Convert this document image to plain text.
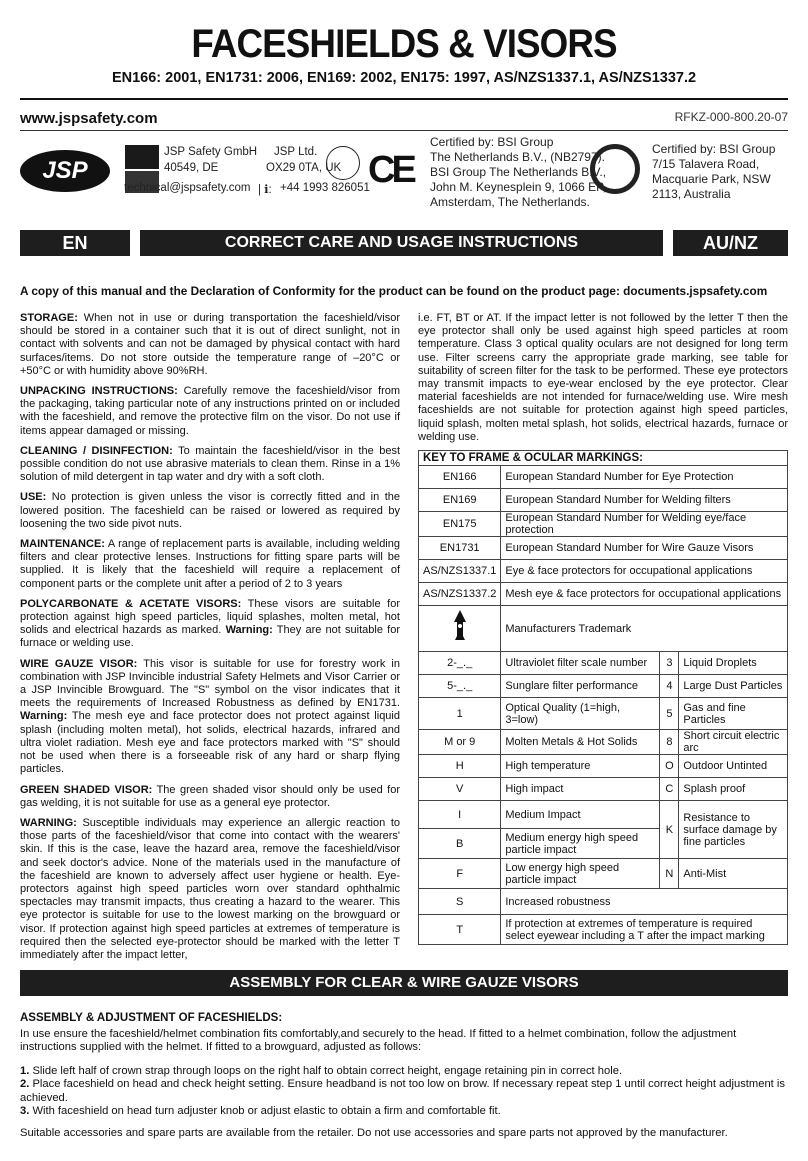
FACESHIELDS & VISORS
EN166: 2001, EN1731: 2006, EN169: 2002, EN175: 1997, AS/NZS1337.1, AS/NZS1337.2
www.jspsafety.com	RFKZ-000-800.20-07
JSP
JSP Safety GmbH
40549, DE
JSP Ltd.
OX29 0TA, UK
technical@jspsafety.com | ℹ: +44 1993 826051
CE
Certified by: BSI Group
The Netherlands B.V., (NB2797).
BSI Group The Netherlands B.V.,
John M. Keynesplein 9, 1066 EP,
Amsterdam, The Netherlands.
Certified by: BSI Group
7/15 Talavera Road,
Macquarie Park, NSW
2113, Australia
EN	CORRECT CARE AND USAGE INSTRUCTIONS	AU/NZ
A copy of this manual and the Declaration of Conformity for the product can be found on the product page: documents.jspsafety.com

STORAGE: When not in use or during transportation the faceshield/visor should be stored in a container such that it is out of direct sunlight, not in contact with solvents and can not be damaged by physical contact with hard surfaces/items. Do not store outside the temperature range of –20°C or +50°C or with humidity above 90%RH.

UNPACKING INSTRUCTIONS: Carefully remove the faceshield/visor from the packaging, taking particular note of any instructions printed on or included with the faceshield, and remove the protective film on the visor. Do not use if items appear damaged or missing.

CLEANING / DISINFECTION: To maintain the faceshield/visor in the best possible condition do not use abrasive materials to clean them. Rinse in a 1% solution of mild detergent in tap water and dry with a soft cloth.

USE: No protection is given unless the visor is correctly fitted and in the lowered position. The faceshield can be raised or lowered as required by loosening the two side pivot nuts.

MAINTENANCE: A range of replacement parts is available, including welding filters and clear protective lenses. Instructions for fitting spare parts will be supplied. It is likely that the faceshield will require a replacement of component parts or the complete unit after a period of 2 to 3 years

POLYCARBONATE & ACETATE VISORS: These visors are suitable for protection against high speed particles, liquid splashes, molten metal, hot solids and electrical hazards as marked. Warning: They are not suitable for furnace or welding use.

WIRE GAUZE VISOR: This visor is suitable for use for forestry work in combination with JSP Invincible industrial Safety Helmets and Visor Carrier or a JSP Invincible Browguard. The "S" symbol on the visor indicates that it meets the requirements of Increased Robustness as defined by EN1731. Warning: The mesh eye and face protector does not protect against liquid splash (including molten metal), hot solids, electrical hazards, infrared and ultra violet radiation. Mesh eye and face protectors marked with "S" should not be used when there is a forseeable risk of any hard or sharp flying particles.

GREEN SHADED VISOR: The green shaded visor should only be used for gas welding, it is not suitable for use as a general eye protector.

WARNING: Susceptible individuals may experience an allergic reaction to those parts of the faceshield/visor that come into contact with the wearers' skin. If this is the case, leave the hazard area, remove the faceshield/visor and seek doctor's advice. None of the materials used in the manufacture of the faceshield are known to adversely affect user hygiene or health. Eye-protectors against high speed particles worn over standard ophthalmic spectacles may transmit impacts, thus creating a hazard to the wearer. This eye protector is suitable for use to the lowest marking on the browguard or visor. If protection against high speed particles at extremes of temperature is required then the selected eye-protector should be marked with the letter T immediately after the impact letter,

i.e. FT, BT or AT. If the impact letter is not followed by the letter T then the eye protector shall only be used against high speed particles at room temperature. Class 3 optical quality oculars are not designed for long term use. Filter screens carry the appropriate grade marking, see table for suitability of screen filter for the task to be performed. These eye protectors may transmit impacts to eye-wear enclosed by the eye protector. Clear material faceshields are not intended for furnace/welding use. Wire mesh faceshields are not suitable for protection against high speed particles, liquid splash, molten metal splash, hot solids, electrical hazards, furnace or welding use.

KEY TO FRAME & OCULAR MARKINGS:			
EN166	European Standard Number for Eye Protection		
EN169	European Standard Number for Welding filters		
EN175	European Standard Number for Welding eye/face protection		
EN1731	European Standard Number for Wire Gauze Visors		
AS/NZS1337.1	Eye & face protectors for occupational applications		
AS/NZS1337.2	Mesh eye & face protectors for occupational applications		
	Manufacturers Trademark		
2-_._	Ultraviolet filter scale number	3	Liquid Droplets
5-_._	Sunglare filter performance	4	Large Dust Particles
1	Optical Quality (1=high, 3=low)	5	Gas and fine Particles
M or 9	Molten Metals & Hot Solids	8	Short circuit electric arc
H	High temperature	O	Outdoor Untinted
V	High impact	C	Splash proof
I	Medium Impact	K	Resistance to surface damage by fine particles
B	Medium energy high speed particle impact		
F	Low energy high speed particle impact	N	Anti-Mist
S	Increased robustness		
T	If protection at extremes of temperature is required select eyewear including a T after the impact marking		
ASSEMBLY FOR CLEAR & WIRE GAUZE VISORS
ASSEMBLY & ADJUSTMENT OF FACESHIELDS:

In use ensure the faceshield/helmet combination fits comfortably,and securely to the head. If fitted to a helmet combination, follow the adjustment instructions supplied with the helmet. If fitted to a browguard, adjusted as follows:

1. Slide left half of crown strap through loops on the right half to obtain correct height, engage retaining pin in correct hole.
2. Place faceshield on head and check height setting. Ensure headband is not too low on brow. If necessary repeat step 1 until correct height adjustment is achieved.
3. With faceshield on head turn adjuster knob or adjust elastic to obtain a firm and comfortable fit.
Suitable accessories and spare parts are available from the retailer. Do not use accessories and spare parts not approved by the manufacturer.
